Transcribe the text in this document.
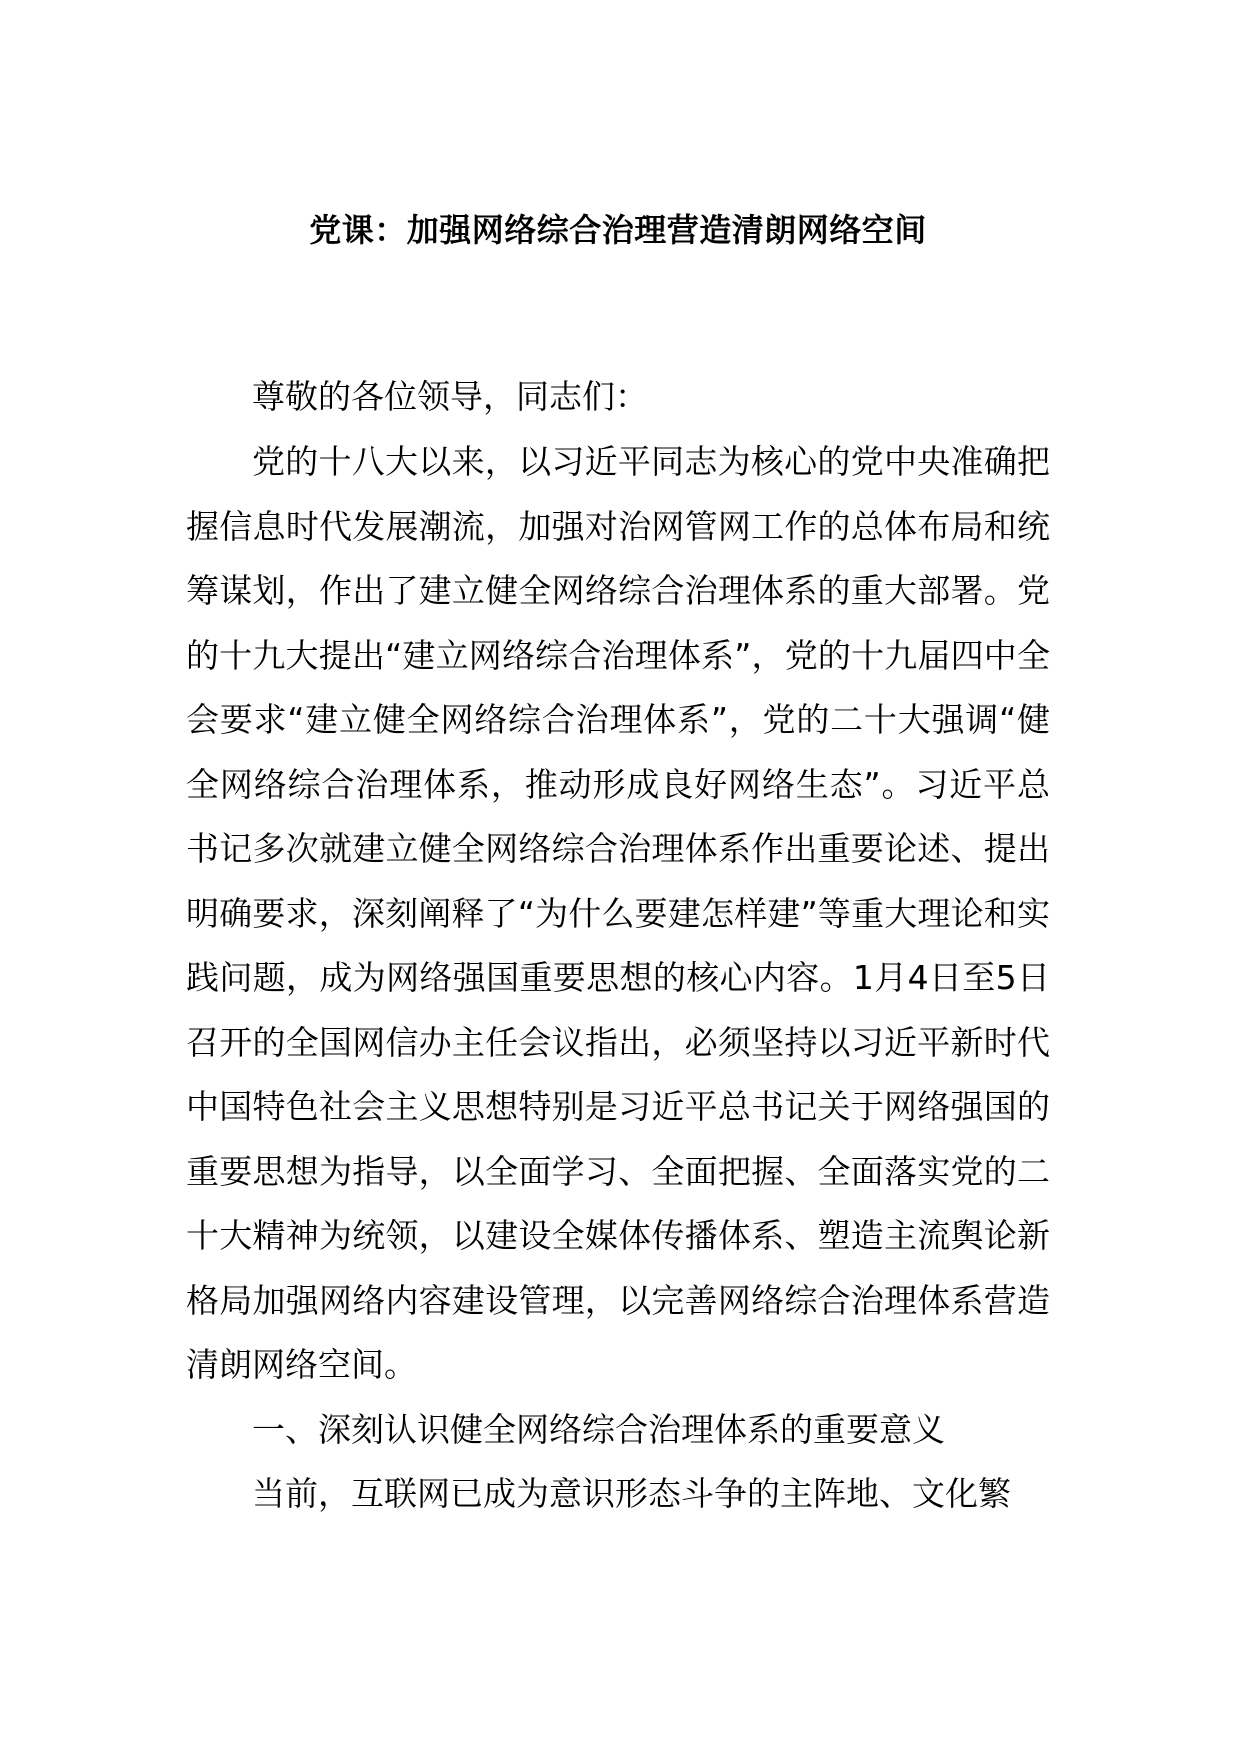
党课：加强网络综合治理营造清朗网络空间
尊敬的各位领导，同志们：

党的十八大以来，以习近平同志为核心的党中央准确把握信息时代发展潮流，加强对治网管网工作的总体布局和统筹谋划，作出了建立健全网络综合治理体系的重大部署。党的十九大提出“建立网络综合治理体系”，党的十九届四中全会要求“建立健全网络综合治理体系”，党的二十大强调“健全网络综合治理体系，推动形成良好网络生态”。习近平总书记多次就建立健全网络综合治理体系作出重要论述、提出明确要求，深刻阐释了“为什么要建怎样建”等重大理论和实践问题，成为网络强国重要思想的核心内容。1月4日至5日召开的全国网信办主任会议指出，必须坚持以习近平新时代中国特色社会主义思想特别是习近平总书记关于网络强国的重要思想为指导，以全面学习、全面把握、全面落实党的二十大精神为统领，以建设全媒体传播体系、塑造主流舆论新格局加强网络内容建设管理，以完善网络综合治理体系营造清朗网络空间。

一、深刻认识健全网络综合治理体系的重要意义

当前，互联网已成为意识形态斗争的主阵地、文化繁
